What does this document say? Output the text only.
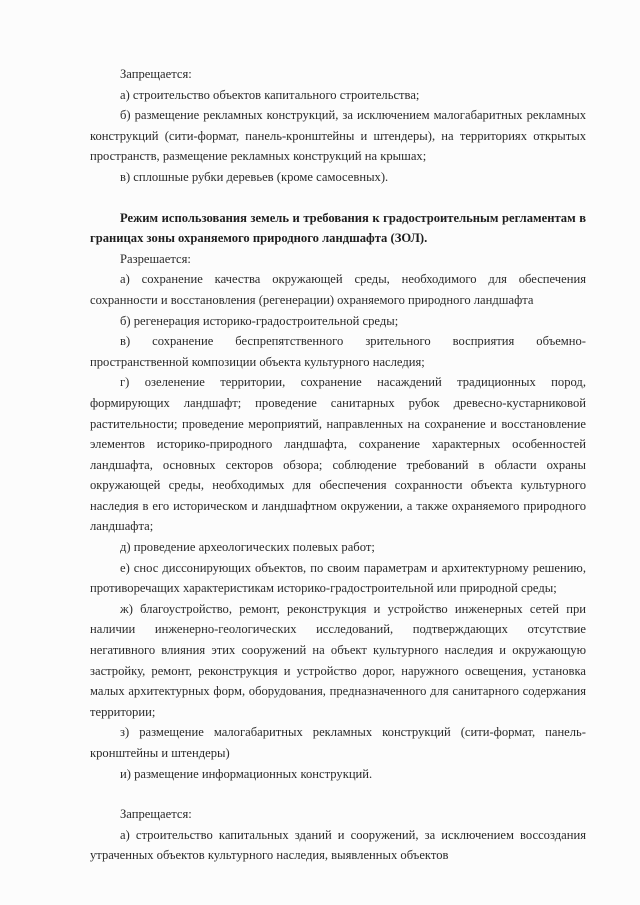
Запрещается:

а) строительство объектов капитального строительства;

б) размещение рекламных конструкций, за исключением малогабаритных рекламных конструкций (сити-формат, панель-кронштейны и штендеры), на территориях открытых пространств, размещение рекламных конструкций на крышах;

в) сплошные рубки деревьев (кроме самосевных).

Режим использования земель и требования к градостроительным регламентам в границах зоны охраняемого природного ландшафта (ЗОЛ).

Разрешается:

а) сохранение качества окружающей среды, необходимого для обеспечения сохранности и восстановления (регенерации) охраняемого природного ландшафта

б) регенерация историко-градостроительной среды;

в) сохранение беспрепятственного зрительного восприятия объемно-пространственной композиции объекта культурного наследия;

г) озеленение территории, сохранение насаждений традиционных пород, формирующих ландшафт; проведение санитарных рубок древесно-кустарниковой растительности; проведение мероприятий, направленных на сохранение и восстановление элементов историко-природного ландшафта, сохранение характерных особенностей ландшафта, основных секторов обзора; соблюдение требований в области охраны окружающей среды, необходимых для обеспечения сохранности объекта культурного наследия в его историческом и ландшафтном окружении, а также охраняемого природного ландшафта;

д) проведение археологических полевых работ;

е) снос диссонирующих объектов, по своим параметрам и архитектурному решению, противоречащих характеристикам историко-градостроительной или природной среды;

ж) благоустройство, ремонт, реконструкция и устройство инженерных сетей при наличии инженерно-геологических исследований, подтверждающих отсутствие негативного влияния этих сооружений на объект культурного наследия и окружающую застройку, ремонт, реконструкция и устройство дорог, наружного освещения, установка малых архитектурных форм, оборудования, предназначенного для санитарного содержания территории;

з) размещение малогабаритных рекламных конструкций (сити-формат, панель-кронштейны и штендеры)

и) размещение информационных конструкций.

Запрещается:

а) строительство капитальных зданий и сооружений, за исключением воссоздания утраченных объектов культурного наследия, выявленных объектов
